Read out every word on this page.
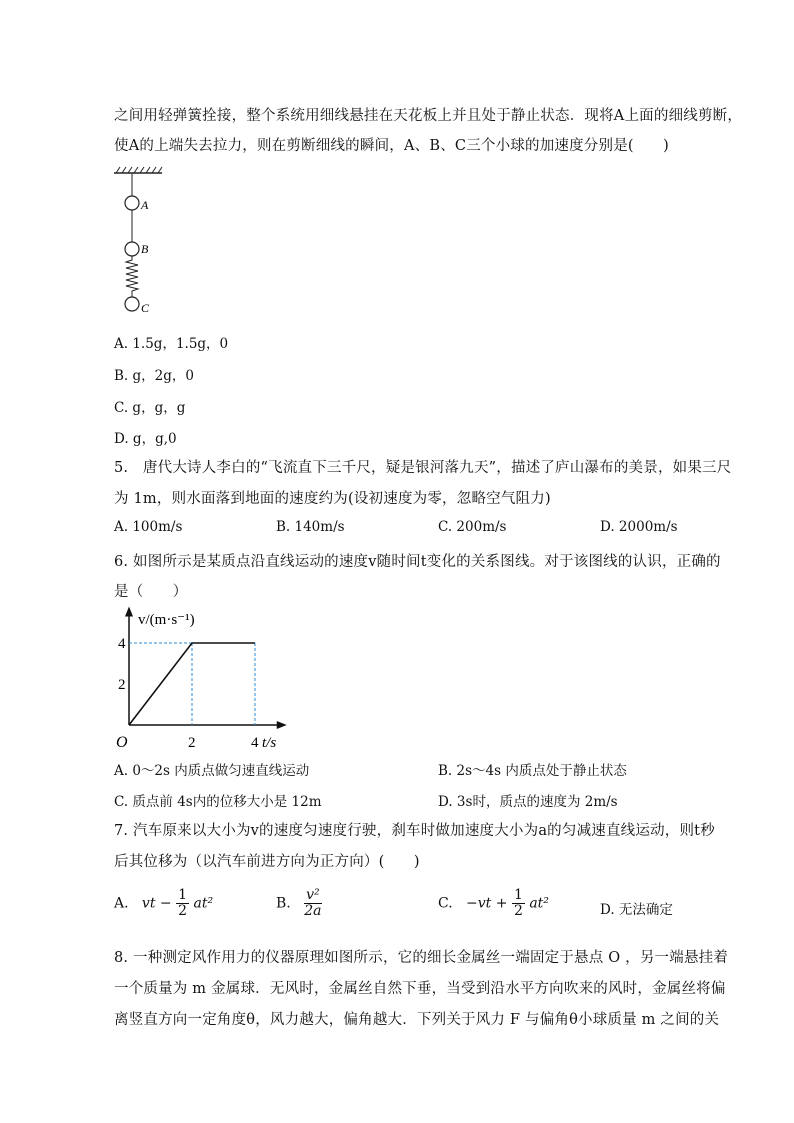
之间用轻弹簧拴接，整个系统用细线悬挂在天花板上并且处于静止状态．现将A上面的细线剪断，
使A的上端失去拉力，则在剪断细线的瞬间，A、B、C三个小球的加速度分别是(　　)
A
B
C
A. 1.5g，1.5g，0
B. g，2g，0
C. g，g，g
D. g，g,0
5.　唐代大诗人李白的“飞流直下三千尺，疑是银河落九天”，描述了庐山瀑布的美景，如果三尺
为 1m，则水面落到地面的速度约为(设初速度为零，忽略空气阻力)
A. 100m/s	B. 140m/s	C. 200m/s	D. 2000m/s
6. 如图所示是某质点沿直线运动的速度v随时间t变化的关系图线。对于该图线的认识，正确的
是（　　）
2
4
2	4
v/(m·s⁻¹)
t/s
O
A. 0～2s 内质点做匀速直线运动	B. 2s～4s 内质点处于静止状态
C. 质点前 4s内的位移大小是 12m	D. 3s时，质点的速度为 2m/s
7. 汽车原来以大小为v的速度匀速度行驶，刹车时做加速度大小为a的匀减速直线运动，则t秒
后其位移为（以汽车前进方向为正方向）(　　)
A. vt − $\frac{1}{2} at^2$	B. $\frac{\text{v²}}{2a}$	C. $-vt + \frac{1}{2} at^2$	D. 无法确定
8. 一种测定风作用力的仪器原理如图所示，它的细长金属丝一端固定于悬点 O ，另一端悬挂着
一个质量为 m 金属球．无风时，金属丝自然下垂，当受到沿水平方向吹来的风时，金属丝将偏
离竖直方向一定角度θ，风力越大，偏角越大．下列关于风力 F 与偏角θ小球质量 m 之间的关
